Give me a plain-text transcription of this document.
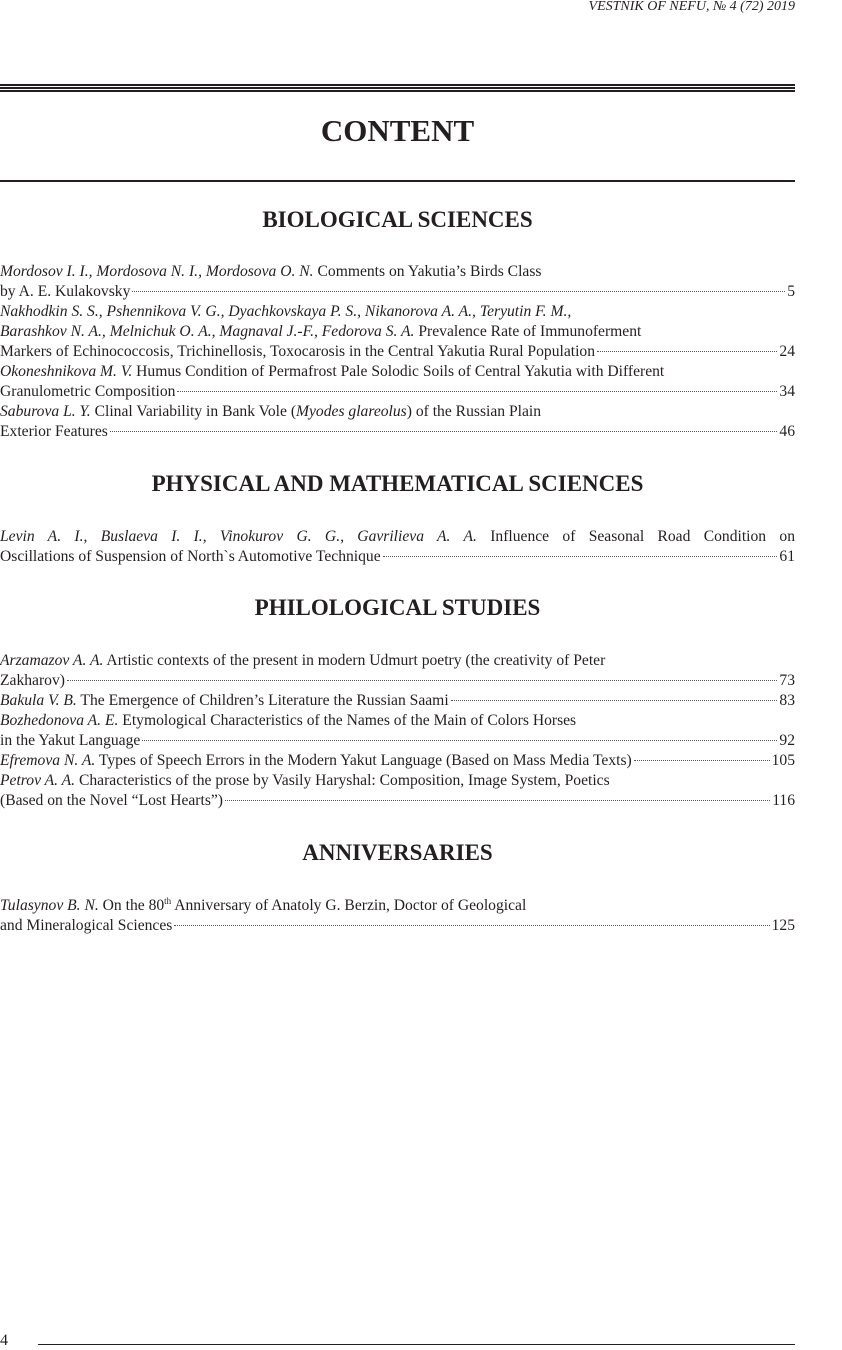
VESTNIK OF NEFU, № 4 (72) 2019
CONTENT
BIOLOGICAL SCIENCES
Mordosov I. I., Mordosova N. I., Mordosova O. N. Comments on Yakutia’s Birds Class
by A. E. Kulakovsky	5
Nakhodkin S. S., Pshennikova V. G., Dyachkovskaya P. S., Nikanorova A. A., Teryutin F. M.,
Barashkov N. A., Melnichuk O. A., Magnaval J.-F., Fedorova S. A. Prevalence Rate of Immunoferment
Markers of Echinococcosis, Trichinellosis, Toxocarosis in the Central Yakutia Rural Population	24
Okoneshnikova M. V. Humus Condition of Permafrost Pale Solodic Soils of Central Yakutia with Different
Granulometric Composition	34
Saburova L. Y. Clinal Variability in Bank Vole (Myodes glareolus) of the Russian Plain
Exterior Features	46
PHYSICAL AND MATHEMATICAL SCIENCES
Levin A. I., Buslaeva I. I., Vinokurov G. G., Gavrilieva A. A. Influence of Seasonal Road Condition on
Oscillations of Suspension of North`s Automotive Technique	61
PHILOLOGICAL STUDIES
Arzamazov A. A. Artistic contexts of the present in modern Udmurt poetry (the creativity of Peter
Zakharov)	73
Bakula V. B. The Emergence of Children’s Literature the Russian Saami	83
Bozhedonova A. E. Etymological Characteristics of the Names of the Main of Colors Horses
in the Yakut Language	92
Efremova N. A. Types of Speech Errors in the Modern Yakut Language (Based on Mass Media Texts)	105
Petrov A. A. Characteristics of the prose by Vasily Haryshal: Composition, Image System, Poetics
(Based on the Novel “Lost Hearts”)	116
ANNIVERSARIES
Tulasynov B. N. On the 80th Anniversary of Anatoly G. Berzin, Doctor of Geological
and Mineralogical Sciences	125
4
